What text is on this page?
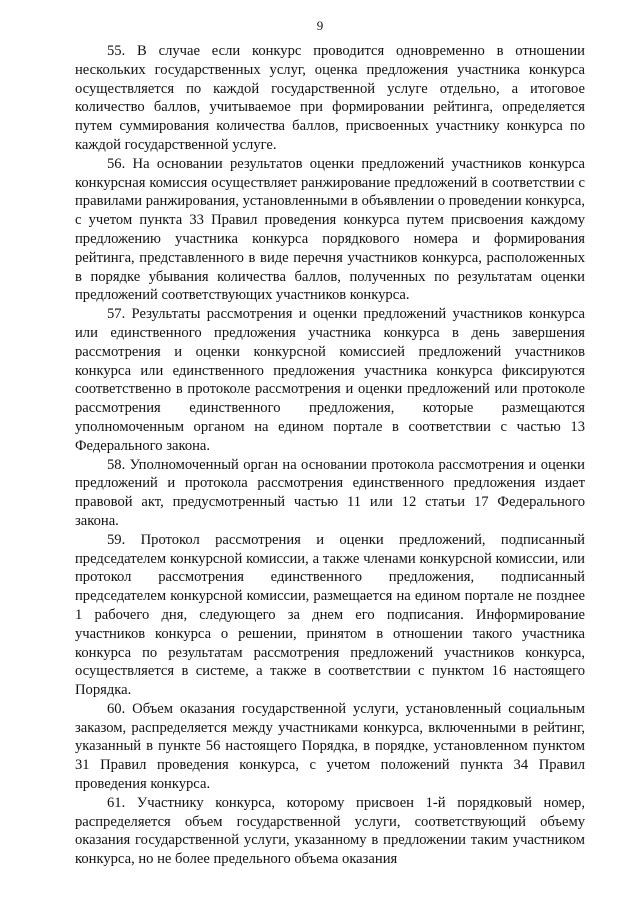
9

55. В случае если конкурс проводится одновременно в отношении нескольких государственных услуг, оценка предложения участника конкурса осуществляется по каждой государственной услуге отдельно, а итоговое количество баллов, учитываемое при формировании рейтинга, определяется путем суммирования количества баллов, присвоенных участнику конкурса по каждой государственной услуге.

56. На основании результатов оценки предложений участников конкурса конкурсная комиссия осуществляет ранжирование предложений в соответствии с правилами ранжирования, установленными в объявлении о проведении конкурса, с учетом пункта 33 Правил проведения конкурса путем присвоения каждому предложению участника конкурса порядкового номера и формирования рейтинга, представленного в виде перечня участников конкурса, расположенных в порядке убывания количества баллов, полученных по результатам оценки предложений соответствующих участников конкурса.

57. Результаты рассмотрения и оценки предложений участников конкурса или единственного предложения участника конкурса в день завершения рассмотрения и оценки конкурсной комиссией предложений участников конкурса или единственного предложения участника конкурса фиксируются соответственно в протоколе рассмотрения и оценки предложений или протоколе рассмотрения единственного предложения, которые размещаются уполномоченным органом на едином портале в соответствии с частью 13 Федерального закона.

58. Уполномоченный орган на основании протокола рассмотрения и оценки предложений и протокола рассмотрения единственного предложения издает правовой акт, предусмотренный частью 11 или 12 статьи 17 Федерального закона.

59. Протокол рассмотрения и оценки предложений, подписанный председателем конкурсной комиссии, а также членами конкурсной комиссии, или протокол рассмотрения единственного предложения, подписанный председателем конкурсной комиссии, размещается на едином портале не позднее 1 рабочего дня, следующего за днем его подписания. Информирование участников конкурса о решении, принятом в отношении такого участника конкурса по результатам рассмотрения предложений участников конкурса, осуществляется в системе, а также в соответствии с пунктом 16 настоящего Порядка.

60. Объем оказания государственной услуги, установленный социальным заказом, распределяется между участниками конкурса, включенными в рейтинг, указанный в пункте 56 настоящего Порядка, в порядке, установленном пунктом 31 Правил проведения конкурса, с учетом положений пункта 34 Правил проведения конкурса.

61. Участнику конкурса, которому присвоен 1-й порядковый номер, распределяется объем государственной услуги, соответствующий объему оказания государственной услуги, указанному в предложении таким участником конкурса, но не более предельного объема оказания
